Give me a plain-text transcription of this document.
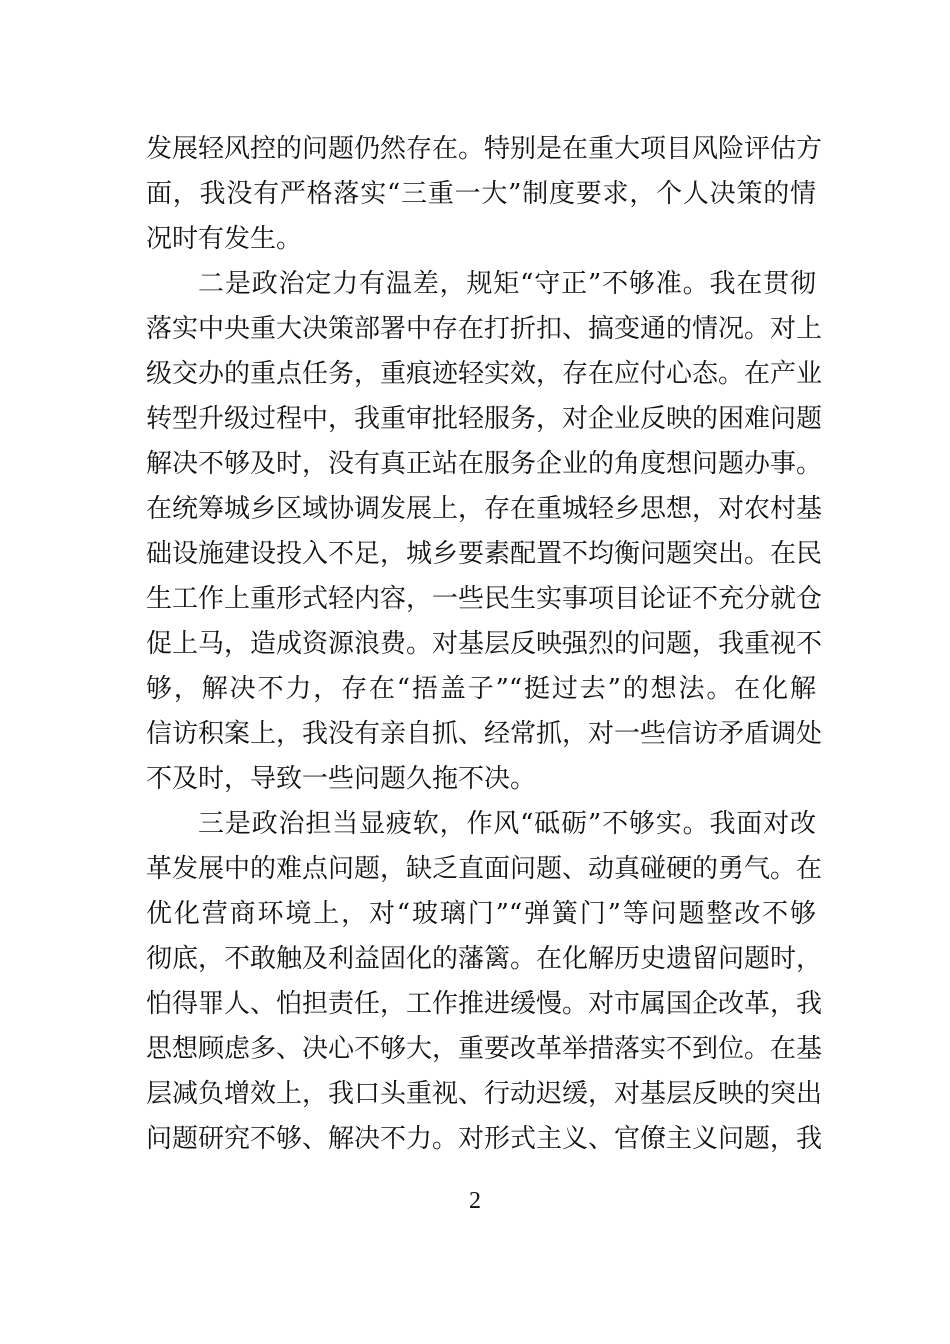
发展轻风控的问题仍然存在。特别是在重大项目风险评估方
面，我没有严格落实“三重一大”制度要求，个人决策的情
况时有发生。
二是政治定力有温差，规矩“守正”不够准。我在贯彻
落实中央重大决策部署中存在打折扣、搞变通的情况。对上
级交办的重点任务，重痕迹轻实效，存在应付心态。在产业
转型升级过程中，我重审批轻服务，对企业反映的困难问题
解决不够及时，没有真正站在服务企业的角度想问题办事。
在统筹城乡区域协调发展上，存在重城轻乡思想，对农村基
础设施建设投入不足，城乡要素配置不均衡问题突出。在民
生工作上重形式轻内容，一些民生实事项目论证不充分就仓
促上马，造成资源浪费。对基层反映强烈的问题，我重视不
够，解决不力，存在“捂盖子”“挺过去”的想法。在化解
信访积案上，我没有亲自抓、经常抓，对一些信访矛盾调处
不及时，导致一些问题久拖不决。
三是政治担当显疲软，作风“砥砺”不够实。我面对改
革发展中的难点问题，缺乏直面问题、动真碰硬的勇气。在
优化营商环境上，对“玻璃门”“弹簧门”等问题整改不够
彻底，不敢触及利益固化的藩篱。在化解历史遗留问题时，
怕得罪人、怕担责任，工作推进缓慢。对市属国企改革，我
思想顾虑多、决心不够大，重要改革举措落实不到位。在基
层减负增效上，我口头重视、行动迟缓，对基层反映的突出
问题研究不够、解决不力。对形式主义、官僚主义问题，我
2
